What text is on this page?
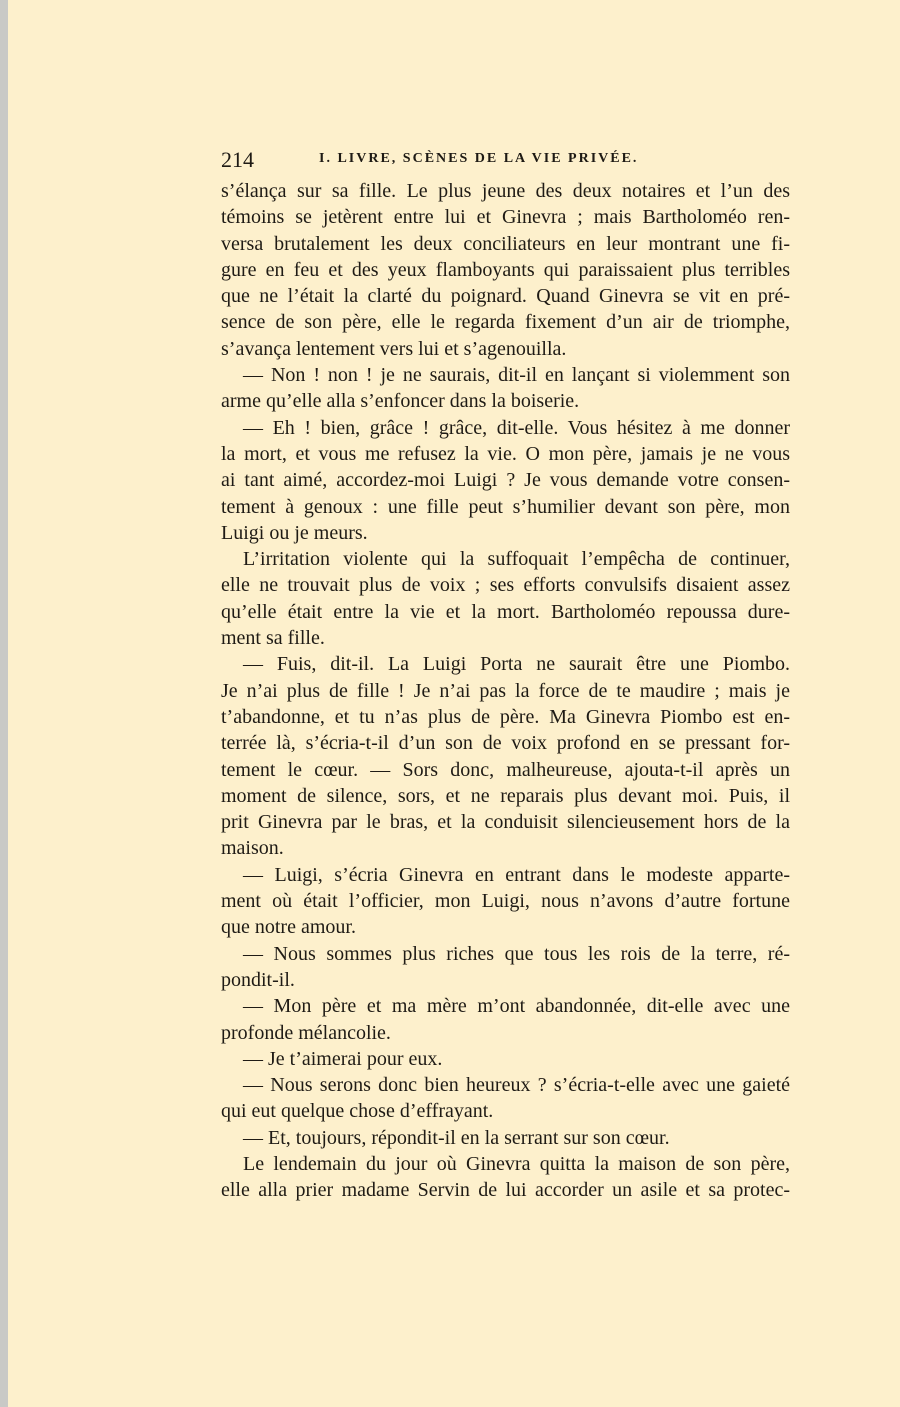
214	I. LIVRE, SCÈNES DE LA VIE PRIVÉE.
s’élança sur sa fille. Le plus jeune des deux notaires et l’un des
témoins se jetèrent entre lui et Ginevra ; mais Bartholoméo ren-
versa brutalement les deux conciliateurs en leur montrant une fi-
gure en feu et des yeux flamboyants qui paraissaient plus terribles
que ne l’était la clarté du poignard. Quand Ginevra se vit en pré-
sence de son père, elle le regarda fixement d’un air de triomphe,
s’avança lentement vers lui et s’agenouilla.
— Non ! non ! je ne saurais, dit-il en lançant si violemment son
arme qu’elle alla s’enfoncer dans la boiserie.
— Eh ! bien, grâce ! grâce, dit-elle. Vous hésitez à me donner
la mort, et vous me refusez la vie. O mon père, jamais je ne vous
ai tant aimé, accordez-moi Luigi ? Je vous demande votre consen-
tement à genoux : une fille peut s’humilier devant son père, mon
Luigi ou je meurs.
L’irritation violente qui la suffoquait l’empêcha de continuer,
elle ne trouvait plus de voix ; ses efforts convulsifs disaient assez
qu’elle était entre la vie et la mort. Bartholoméo repoussa dure-
ment sa fille.
— Fuis, dit-il. La Luigi Porta ne saurait être une Piombo.
Je n’ai plus de fille ! Je n’ai pas la force de te maudire ; mais je
t’abandonne, et tu n’as plus de père. Ma Ginevra Piombo est en-
terrée là, s’écria-t-il d’un son de voix profond en se pressant for-
tement le cœur. — Sors donc, malheureuse, ajouta-t-il après un
moment de silence, sors, et ne reparais plus devant moi. Puis, il
prit Ginevra par le bras, et la conduisit silencieusement hors de la
maison.
— Luigi, s’écria Ginevra en entrant dans le modeste apparte-
ment où était l’officier, mon Luigi, nous n’avons d’autre fortune
que notre amour.
— Nous sommes plus riches que tous les rois de la terre, ré-
pondit-il.
— Mon père et ma mère m’ont abandonnée, dit-elle avec une
profonde mélancolie.
— Je t’aimerai pour eux.
— Nous serons donc bien heureux ? s’écria-t-elle avec une gaieté
qui eut quelque chose d’effrayant.
— Et, toujours, répondit-il en la serrant sur son cœur.
Le lendemain du jour où Ginevra quitta la maison de son père,
elle alla prier madame Servin de lui accorder un asile et sa protec-
